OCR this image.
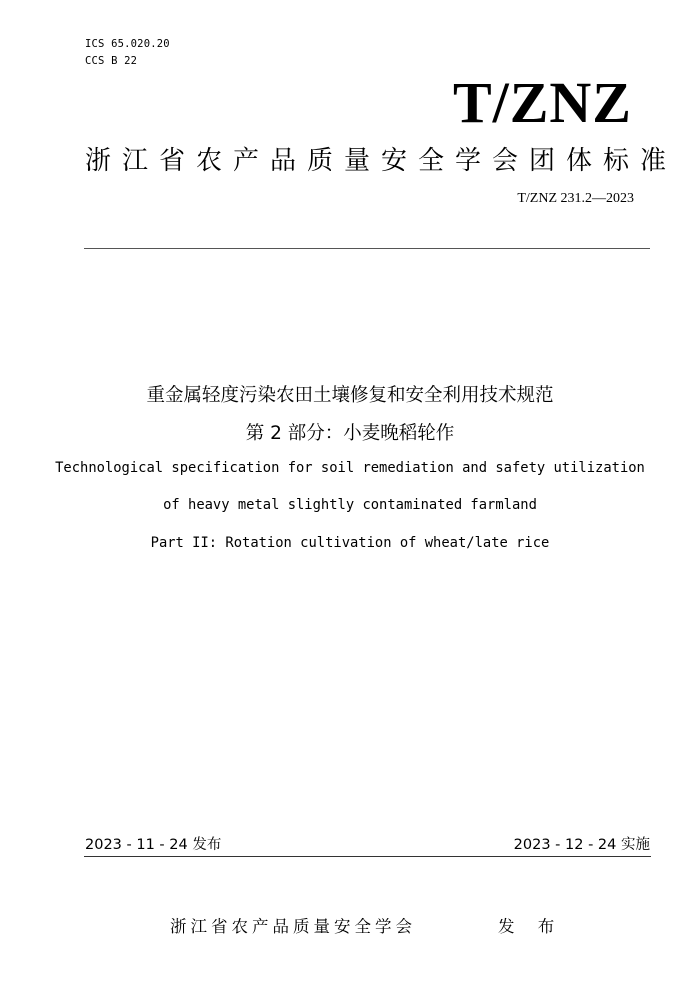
ICS 65.020.20
CCS B 22
T/ZNZ
浙江省农产品质量安全学会团体标准
T/ZNZ 231.2—2023
重金属轻度污染农田土壤修复和安全利用技术规范
第 2 部分：小麦晚稻轮作
Technological specification for soil remediation and safety utilization
of heavy metal slightly contaminated farmland
Part II: Rotation cultivation of wheat/late rice
2023 - 11 - 24 发布	2023 - 12 - 24 实施
浙江省农产品质量安全学会	发 布
